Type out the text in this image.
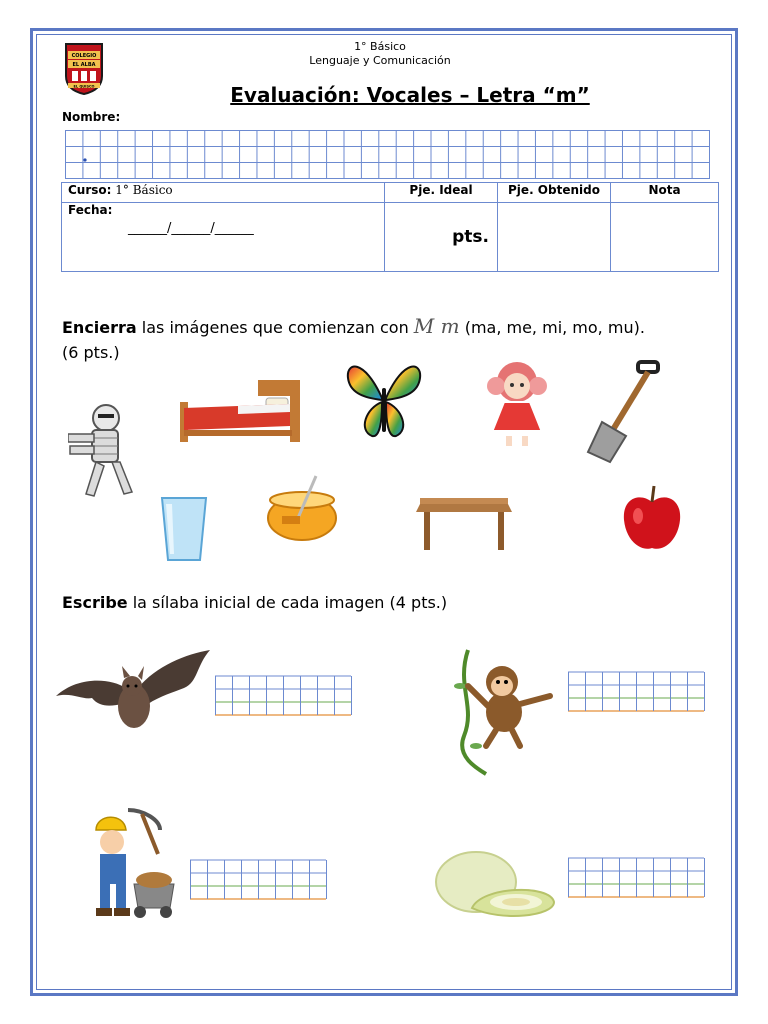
COLEGIO
EL ALBA
EL QUISCO
1° Básico
Lenguaje y Comunicación
Evaluación: Vocales – Letra “m”
Nombre:
Curso: 1° Básico	Pje. Ideal	Pje. Obtenido	Nota

Fecha:
______/______/______	pts.		
Encierra las imágenes que comienzan con M m (ma, me, mi, mo, mu).
(6 pts.)
Escribe la sílaba inicial de cada imagen (4 pts.)
